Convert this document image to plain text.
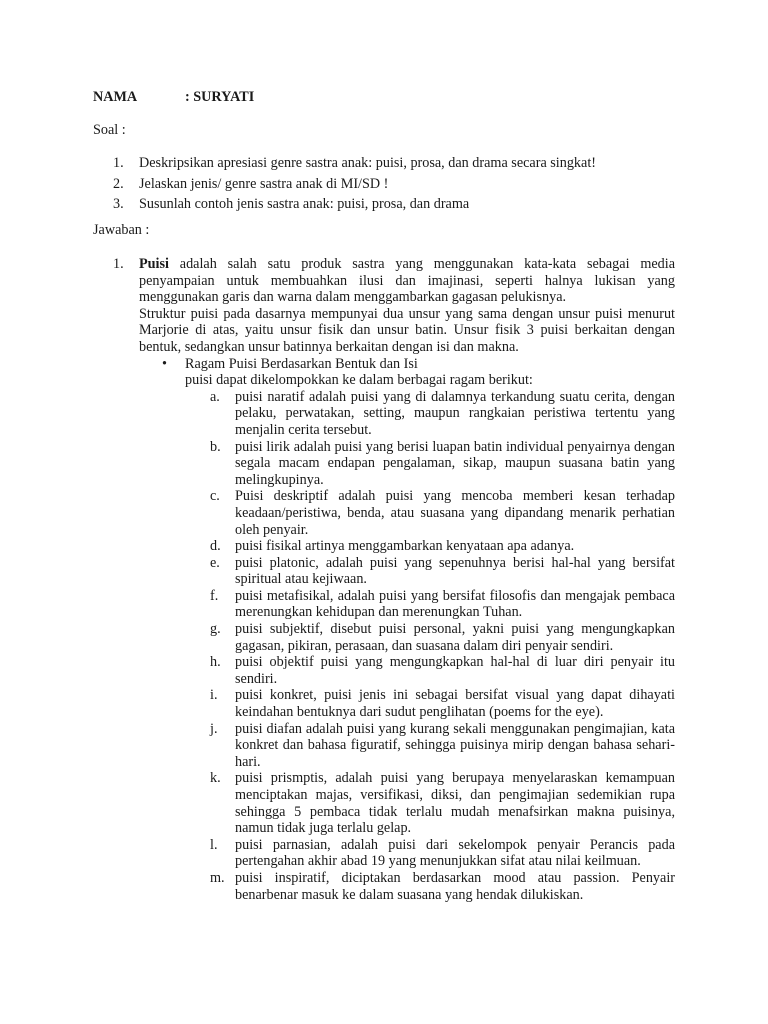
NAMA	: SURYATI
Soal :
1.	Deskripsikan apresiasi genre sastra anak: puisi, prosa, dan drama secara singkat!
2.	Jelaskan jenis/ genre sastra anak di MI/SD !
3.	Susunlah contoh jenis sastra anak: puisi, prosa, dan drama
Jawaban :
1.	Puisi adalah salah satu produk sastra yang menggunakan kata-kata sebagai media penyampaian untuk membuahkan ilusi dan imajinasi, seperti halnya lukisan yang menggunakan garis dan warna dalam menggambarkan gagasan pelukisnya.
Struktur puisi pada dasarnya mempunyai dua unsur yang sama dengan unsur puisi menurut Marjorie di atas, yaitu unsur fisik dan unsur batin. Unsur fisik 3 puisi berkaitan dengan bentuk, sedangkan unsur batinnya berkaitan dengan isi dan makna.
•	Ragam Puisi Berdasarkan Bentuk dan Isi
puisi dapat dikelompokkan ke dalam berbagai ragam berikut:
a.	puisi naratif adalah puisi yang di dalamnya terkandung suatu cerita, dengan pelaku, perwatakan, setting, maupun rangkaian peristiwa tertentu yang menjalin cerita tersebut.
b.	puisi lirik adalah puisi yang berisi luapan batin individual penyairnya dengan segala macam endapan pengalaman, sikap, maupun suasana batin yang melingkupinya.
c.	Puisi deskriptif adalah puisi yang mencoba memberi kesan terhadap keadaan/peristiwa, benda, atau suasana yang dipandang menarik perhatian oleh penyair.
d.	puisi fisikal artinya menggambarkan kenyataan apa adanya.
e.	puisi platonic, adalah puisi yang sepenuhnya berisi hal-hal yang bersifat spiritual atau kejiwaan.
f.	puisi metafisikal, adalah puisi yang bersifat filosofis dan mengajak pembaca merenungkan kehidupan dan merenungkan Tuhan.
g.	puisi subjektif, disebut puisi personal, yakni puisi yang mengungkapkan gagasan, pikiran, perasaan, dan suasana dalam diri penyair sendiri.
h.	puisi objektif puisi yang mengungkapkan hal-hal di luar diri penyair itu sendiri.
i.	puisi konkret, puisi jenis ini sebagai bersifat visual yang dapat dihayati keindahan bentuknya dari sudut penglihatan (poems for the eye).
j.	puisi diafan adalah puisi yang kurang sekali menggunakan pengimajian, kata konkret dan bahasa figuratif, sehingga puisinya mirip dengan bahasa sehari-hari.
k.	puisi prismptis, adalah puisi yang berupaya menyelaraskan kemampuan menciptakan majas, versifikasi, diksi, dan pengimajian sedemikian rupa sehingga 5 pembaca tidak terlalu mudah menafsirkan makna puisinya, namun tidak juga terlalu gelap.
l.	puisi parnasian, adalah puisi dari sekelompok penyair Perancis pada pertengahan akhir abad 19 yang menunjukkan sifat atau nilai keilmuan.
m. puisi inspiratif, diciptakan berdasarkan mood atau passion. Penyair benarbenar masuk ke dalam suasana yang hendak dilukiskan.
